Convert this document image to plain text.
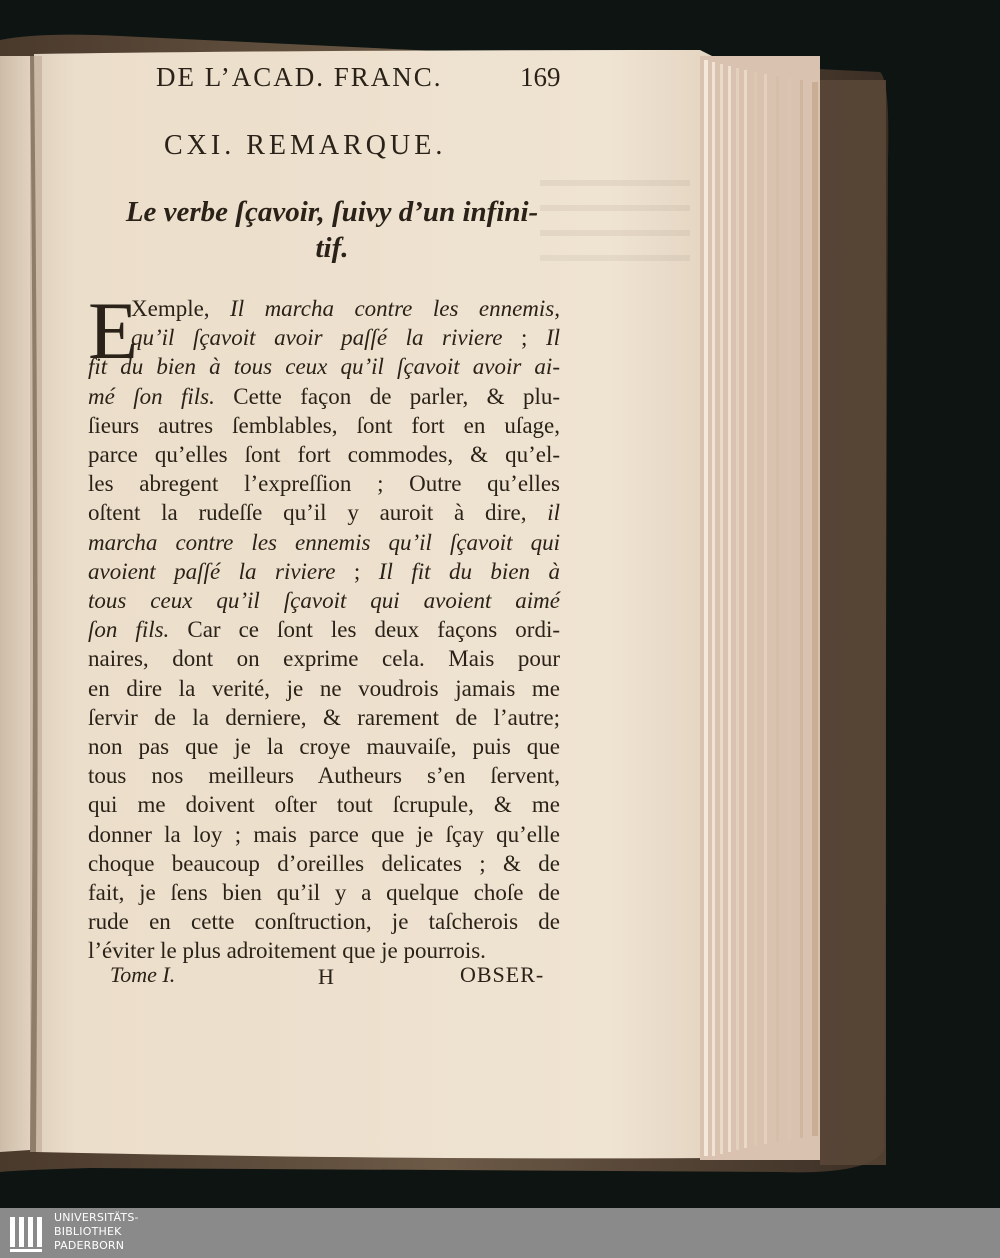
DE L’ACAD. FRANC.	169
CXI. REMARQUE.
Le verbe ſçavoir, ſuivy d’un infini-
tif.
E
Xemple, Il marcha contre les ennemis,
qu’il ſçavoit avoir paſſé la riviere ; Il
fit du bien à tous ceux qu’il ſçavoit avoir ai-
mé ſon fils. Cette façon de parler, & plu-
ſieurs autres ſemblables, ſont fort en uſage,
parce qu’elles ſont fort commodes, & qu’el-
les abregent l’expreſſion ; Outre qu’elles
oſtent la rudeſſe qu’il y auroit à dire, il
marcha contre les ennemis qu’il ſçavoit qui
avoient paſſé la riviere ; Il fit du bien à
tous ceux qu’il ſçavoit qui avoient aimé
ſon fils. Car ce ſont les deux façons ordi-
naires, dont on exprime cela. Mais pour
en dire la verité, je ne voudrois jamais me
ſervir de la derniere, & rarement de l’autre;
non pas que je la croye mauvaiſe, puis que
tous nos meilleurs Autheurs s’en ſervent,
qui me doivent oſter tout ſcrupule, & me
donner la loy ; mais parce que je ſçay qu’elle
choque beaucoup d’oreilles delicates ; & de
fait, je ſens bien qu’il y a quelque choſe de
rude en cette conſtruction, je taſcherois de
l’éviter le plus adroitement que je pourrois.
Tome I.	H	OBSER-
UNIVERSITÄTS-
BIBLIOTHEK
PADERBORN
